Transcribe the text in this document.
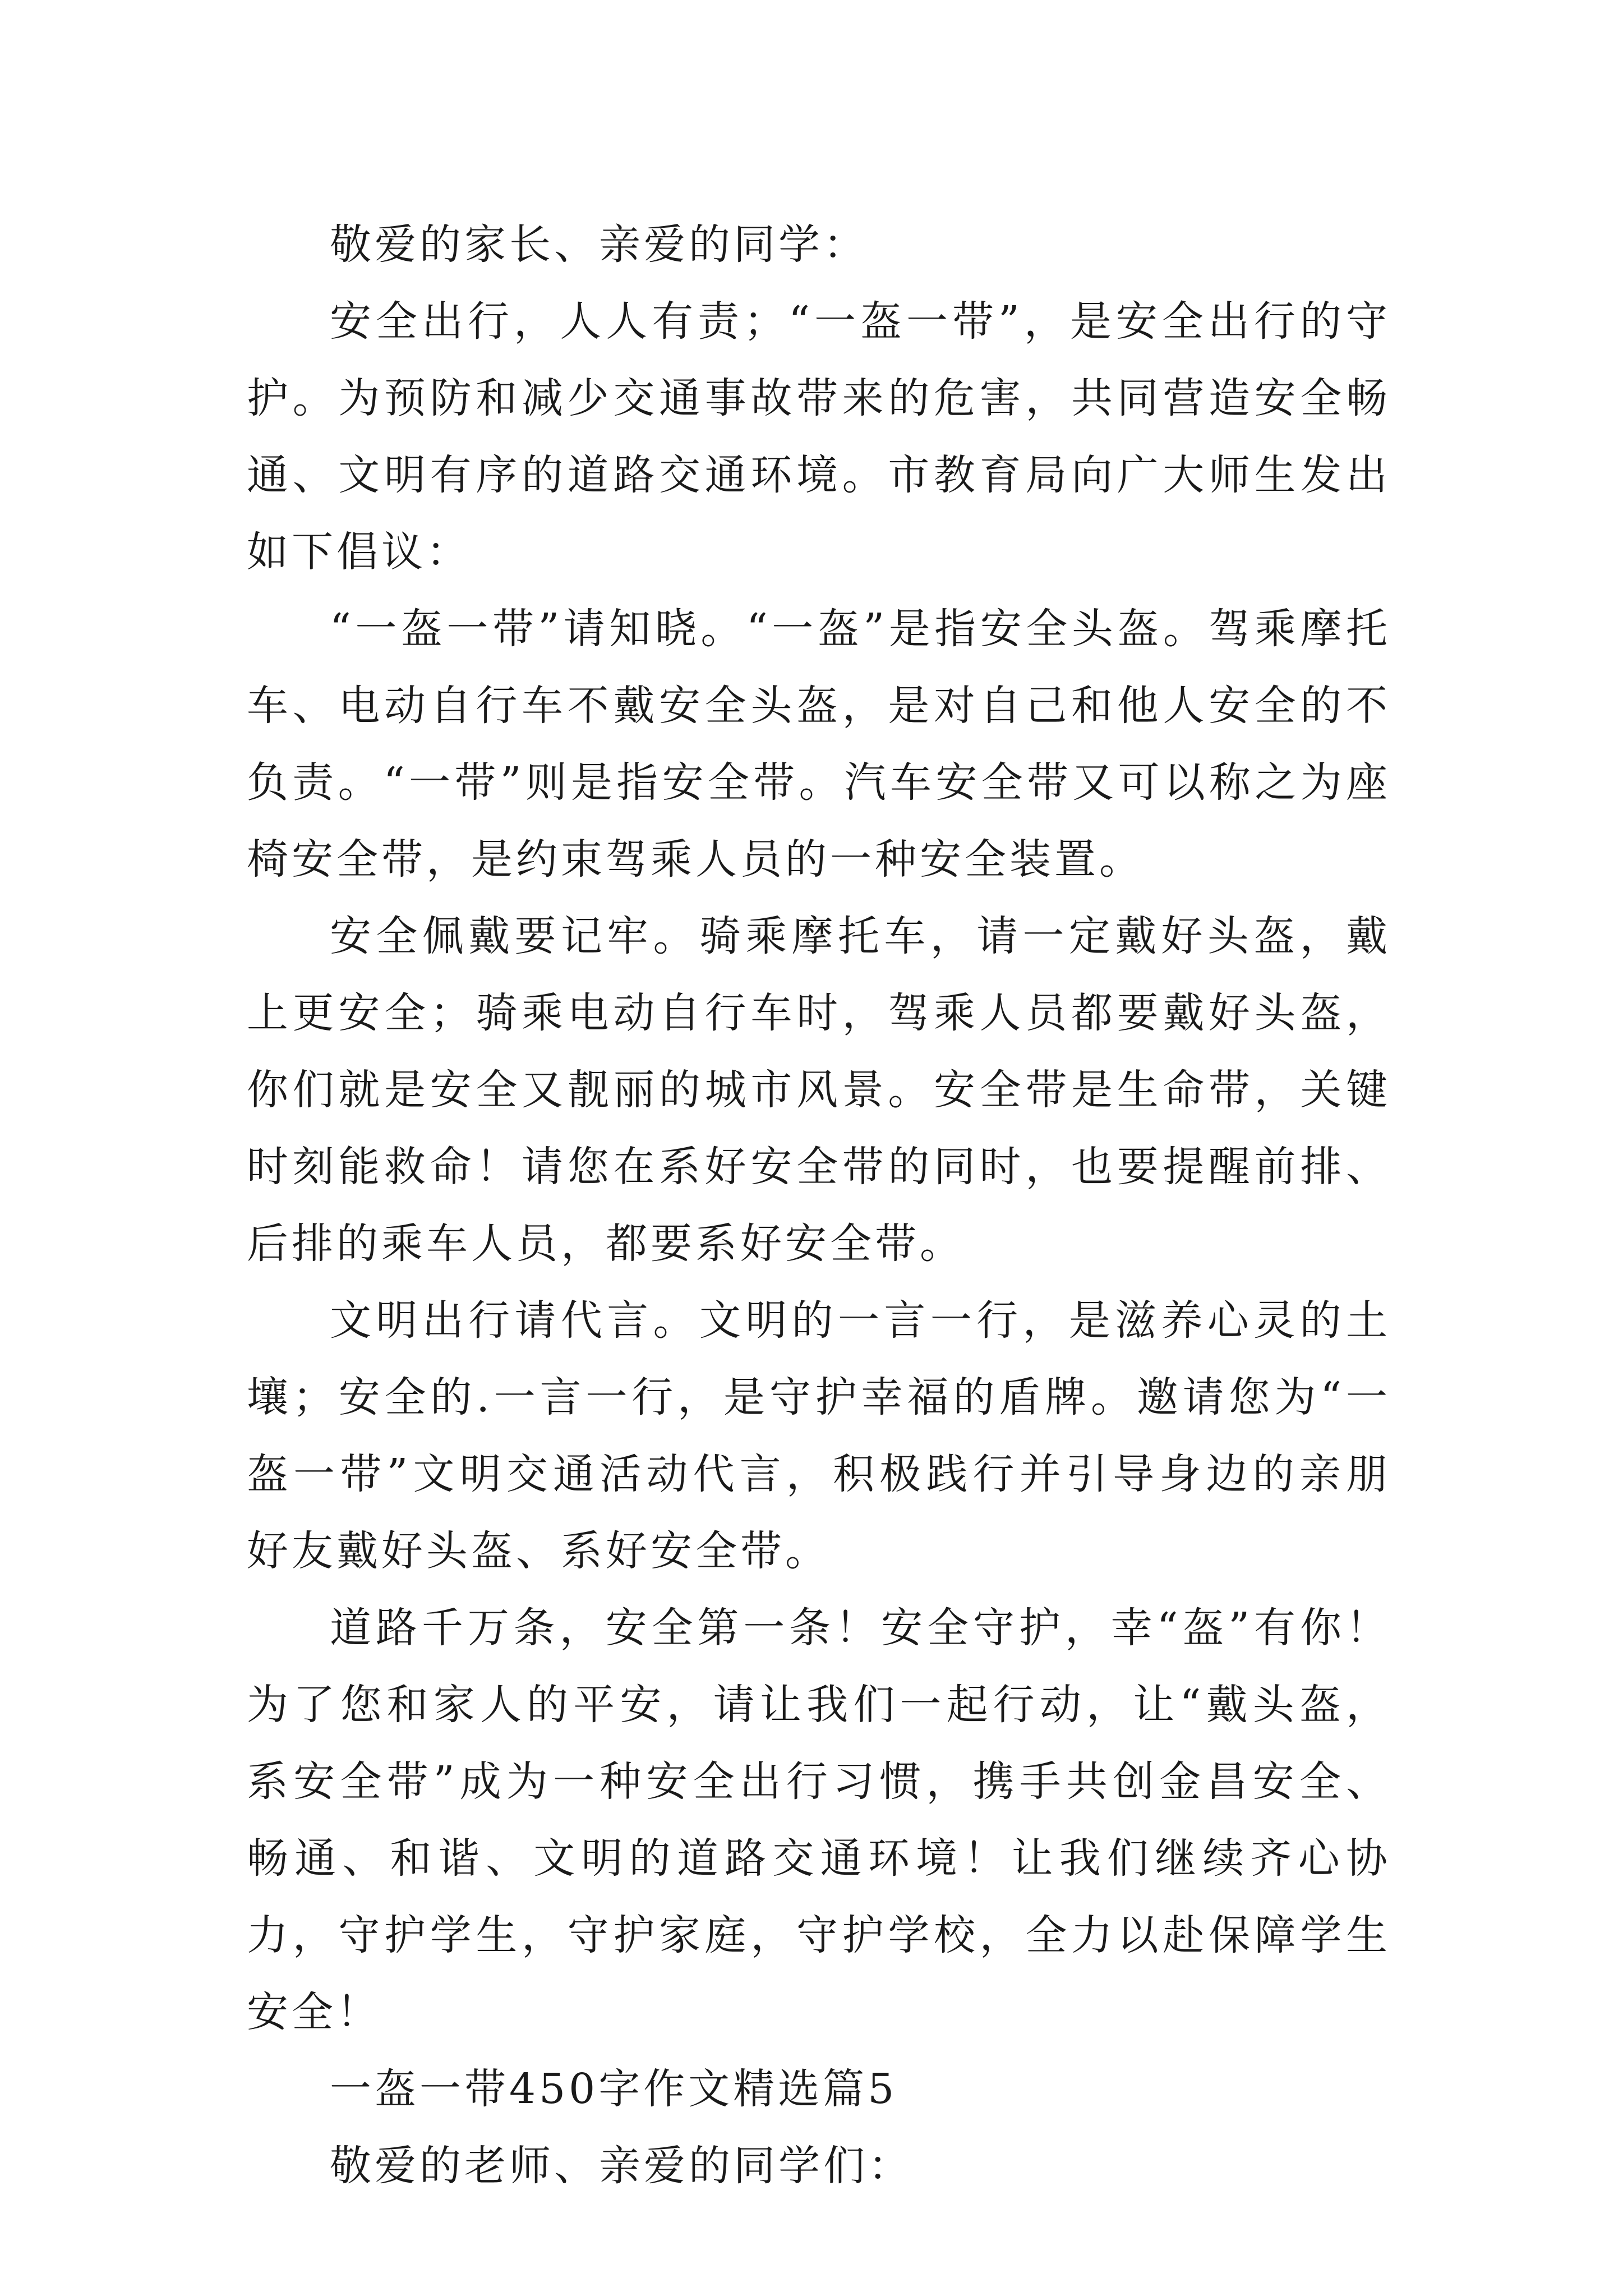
敬爱的家长、亲爱的同学：

安全出行，人人有责；“一盔一带”，是安全出行的守护。为预防和减少交通事故带来的危害，共同营造安全畅通、文明有序的道路交通环境。市教育局向广大师生发出如下倡议：

“一盔一带”请知晓。“一盔”是指安全头盔。驾乘摩托车、电动自行车不戴安全头盔，是对自己和他人安全的不负责。“一带”则是指安全带。汽车安全带又可以称之为座椅安全带，是约束驾乘人员的一种安全装置。

安全佩戴要记牢。骑乘摩托车，请一定戴好头盔，戴上更安全；骑乘电动自行车时，驾乘人员都要戴好头盔，你们就是安全又靓丽的城市风景。安全带是生命带，关键时刻能救命！请您在系好安全带的同时，也要提醒前排、后排的乘车人员，都要系好安全带。

文明出行请代言。文明的一言一行，是滋养心灵的土壤；安全的.一言一行，是守护幸福的盾牌。邀请您为“一盔一带”文明交通活动代言，积极践行并引导身边的亲朋好友戴好头盔、系好安全带。

道路千万条，安全第一条！安全守护，幸“盔”有你！为了您和家人的平安，请让我们一起行动，让“戴头盔，系安全带”成为一种安全出行习惯，携手共创金昌安全、畅通、和谐、文明的道路交通环境！让我们继续齐心协力，守护学生，守护家庭，守护学校，全力以赴保障学生安全！

一盔一带450字作文精选篇5

敬爱的老师、亲爱的同学们：
